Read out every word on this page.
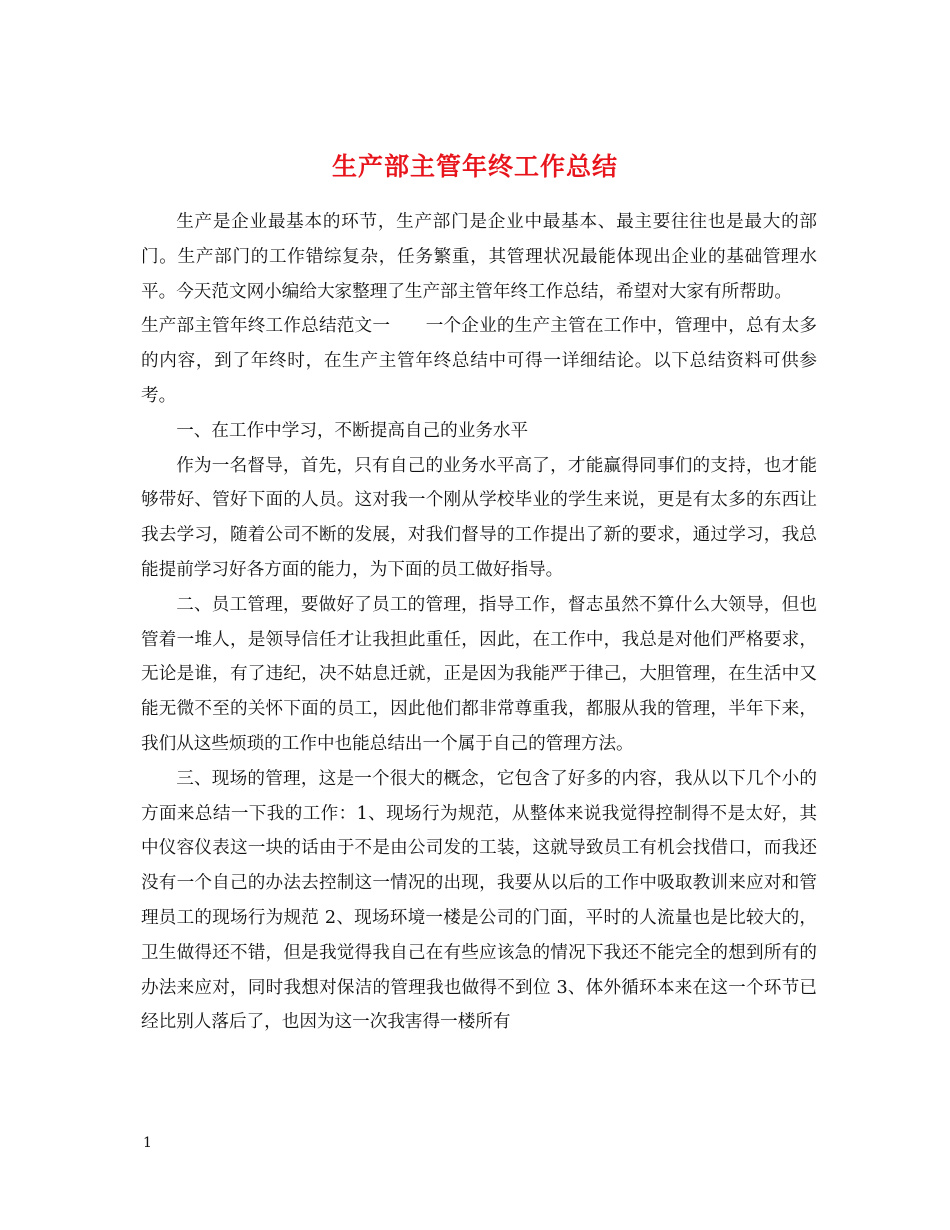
生产部主管年终工作总结

生产是企业最基本的环节，生产部门是企业中最基本、最主要往往也是最大的部门。生产部门的工作错综复杂，任务繁重，其管理状况最能体现出企业的基础管理水平。今天范文网小编给大家整理了生产部主管年终工作总结，希望对大家有所帮助。

生产部主管年终工作总结范文一　　一个企业的生产主管在工作中，管理中，总有太多的内容，到了年终时，在生产主管年终总结中可得一详细结论。以下总结资料可供参考。

一、在工作中学习，不断提高自己的业务水平

作为一名督导，首先，只有自己的业务水平高了，才能赢得同事们的支持，也才能够带好、管好下面的人员。这对我一个刚从学校毕业的学生来说，更是有太多的东西让我去学习，随着公司不断的发展，对我们督导的工作提出了新的要求，通过学习，我总能提前学习好各方面的能力，为下面的员工做好指导。

二、员工管理，要做好了员工的管理，指导工作，督志虽然不算什么大领导，但也管着一堆人，是领导信任才让我担此重任，因此，在工作中，我总是对他们严格要求，无论是谁，有了违纪，决不姑息迁就，正是因为我能严于律己，大胆管理，在生活中又能无微不至的关怀下面的员工，因此他们都非常尊重我，都服从我的管理，半年下来，我们从这些烦琐的工作中也能总结出一个属于自己的管理方法。

三、现场的管理，这是一个很大的概念，它包含了好多的内容，我从以下几个小的方面来总结一下我的工作：1、现场行为规范，从整体来说我觉得控制得不是太好，其中仪容仪表这一块的话由于不是由公司发的工装，这就导致员工有机会找借口，而我还没有一个自己的办法去控制这一情况的出现，我要从以后的工作中吸取教训来应对和管理员工的现场行为规范 2、现场环境一楼是公司的门面，平时的人流量也是比较大的，卫生做得还不错，但是我觉得我自己在有些应该急的情况下我还不能完全的想到所有的办法来应对，同时我想对保洁的管理我也做得不到位 3、体外循环本来在这一个环节已经比别人落后了，也因为这一次我害得一楼所有

1
